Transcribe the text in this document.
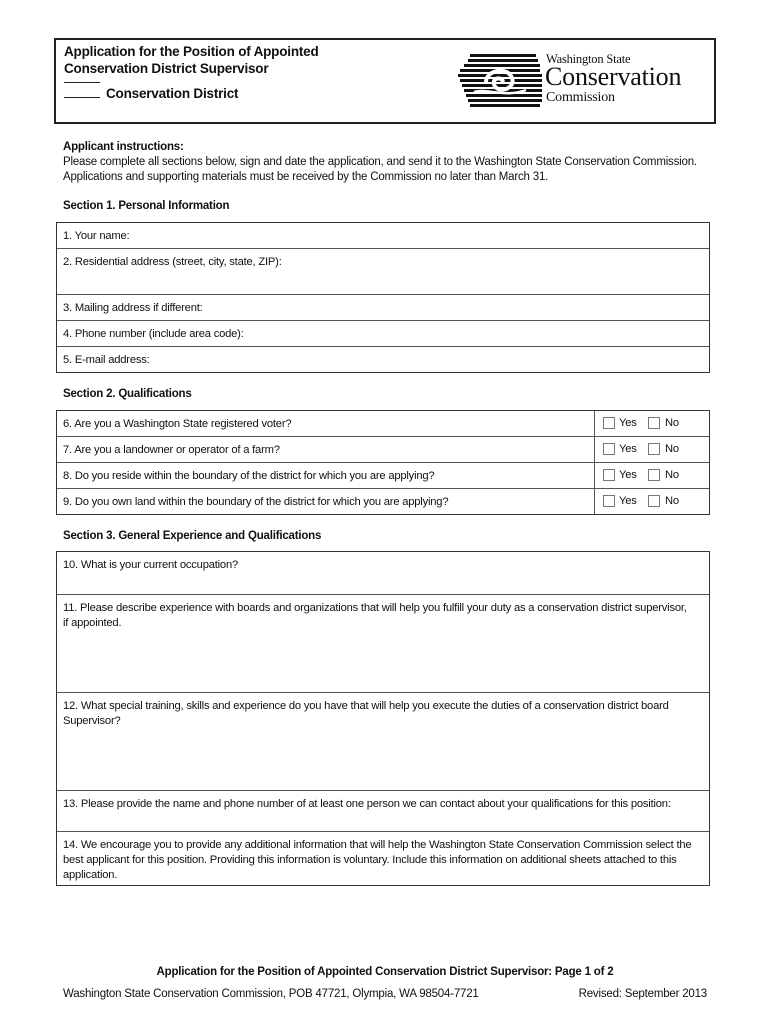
Application for the Position of Appointed
Conservation District Supervisor
Conservation District
Washington State
Conservation
Commission
Applicant instructions:
Please complete all sections below, sign and date the application, and send it to the Washington State Conservation Commission.
Applications and supporting materials must be received by the Commission no later than March 31.
Section 1. Personal Information
1. Your name:
2. Residential address (street, city, state, ZIP):
3. Mailing address if different:
4. Phone number (include area code):
5. E-mail address:
Section 2. Qualifications
6. Are you a Washington State registered voter?	Yes	No
7. Are you a landowner or operator of a farm?	Yes	No
8. Do you reside within the boundary of the district for which you are applying?	Yes	No
9. Do you own land within the boundary of the district for which you are applying?	Yes	No
Section 3. General Experience and Qualifications
10. What is your current occupation?
11. Please describe experience with boards and organizations that will help you fulfill your duty as a conservation district supervisor, if appointed.
12. What special training, skills and experience do you have that will help you execute the duties of a conservation district board Supervisor?
13. Please provide the name and phone number of at least one person we can contact about your qualifications for this position:
14. We encourage you to provide any additional information that will help the Washington State Conservation Commission select the best applicant for this position. Providing this information is voluntary. Include this information on additional sheets attached to this application.
Application for the Position of Appointed Conservation District Supervisor: Page 1 of 2
Washington State Conservation Commission, POB 47721, Olympia, WA 98504-7721	Revised: September 2013
